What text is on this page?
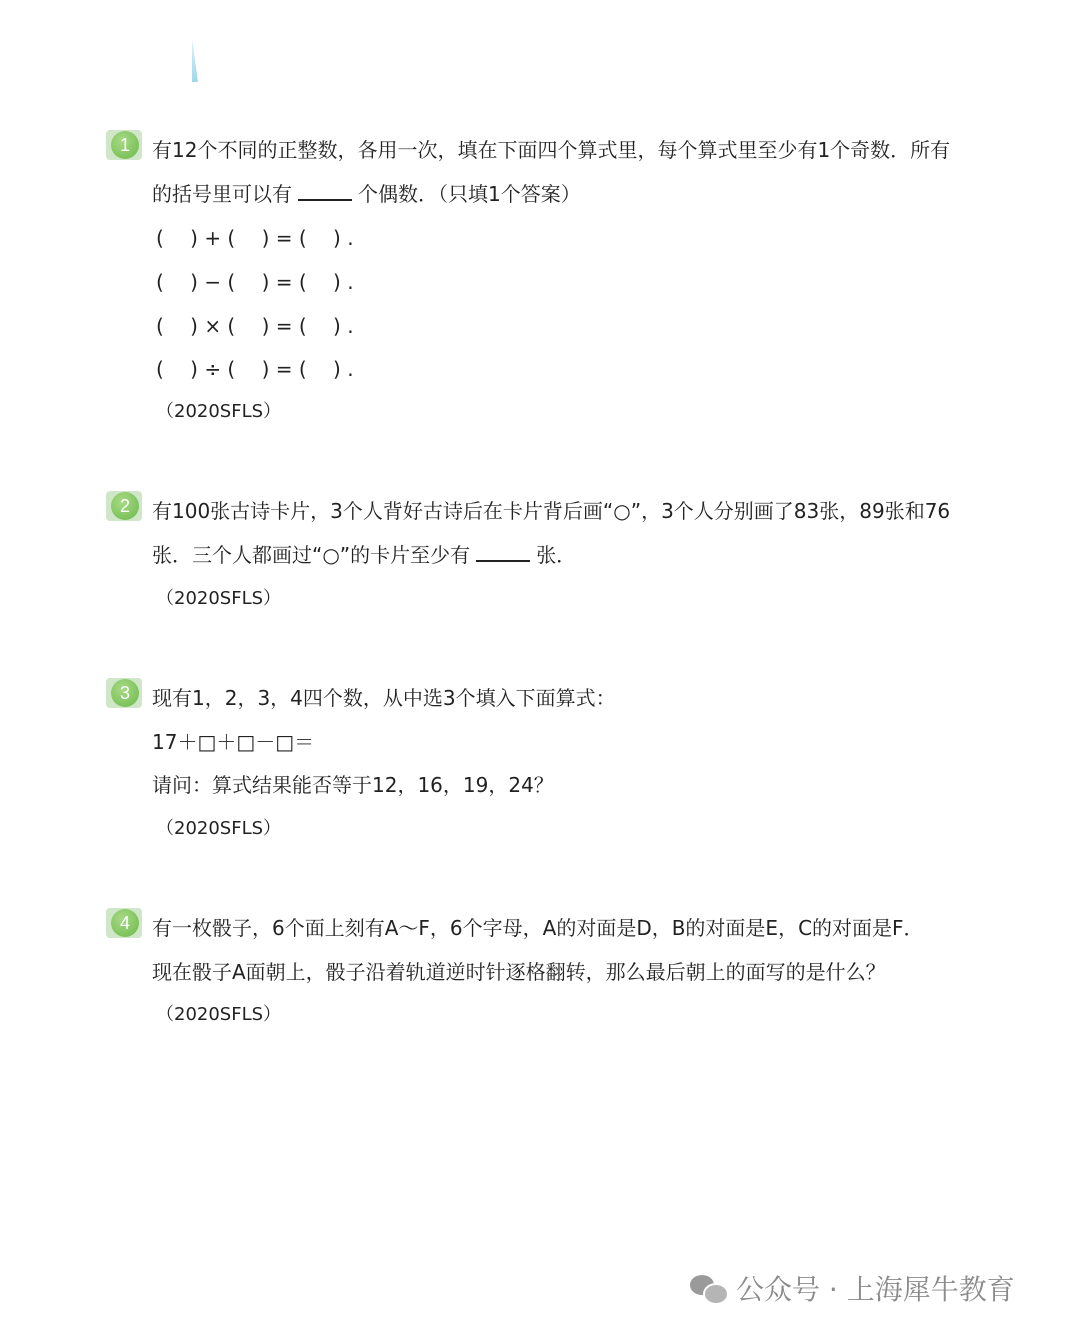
1	有12个不同的正整数，各用一次，填在下面四个算式里，每个算式里至少有1个奇数．所有
的括号里可以有	个偶数．（只填1个答案）
(　 ) + (　 ) = (　 ) .
(　 ) − (　 ) = (　 ) .
(　 ) × (　 ) = (　 ) .
(　 ) ÷ (　 ) = (　 ) .
（2020SFLS）
2	有100张古诗卡片，3个人背好古诗后在卡片背后画“○”，3个人分别画了83张，89张和76
张．三个人都画过“○”的卡片至少有	张．
（2020SFLS）
3	现有1，2，3，4四个数，从中选3个填入下面算式：
17＋□＋□－□＝
请问：算式结果能否等于12，16，19，24？
（2020SFLS）
4	有一枚骰子，6个面上刻有A～F，6个字母，A的对面是D，B的对面是E，C的对面是F．
现在骰子A面朝上，骰子沿着轨道逆时针逐格翻转，那么最后朝上的面写的是什么？
（2020SFLS）
公众号 · 上海犀牛教育
